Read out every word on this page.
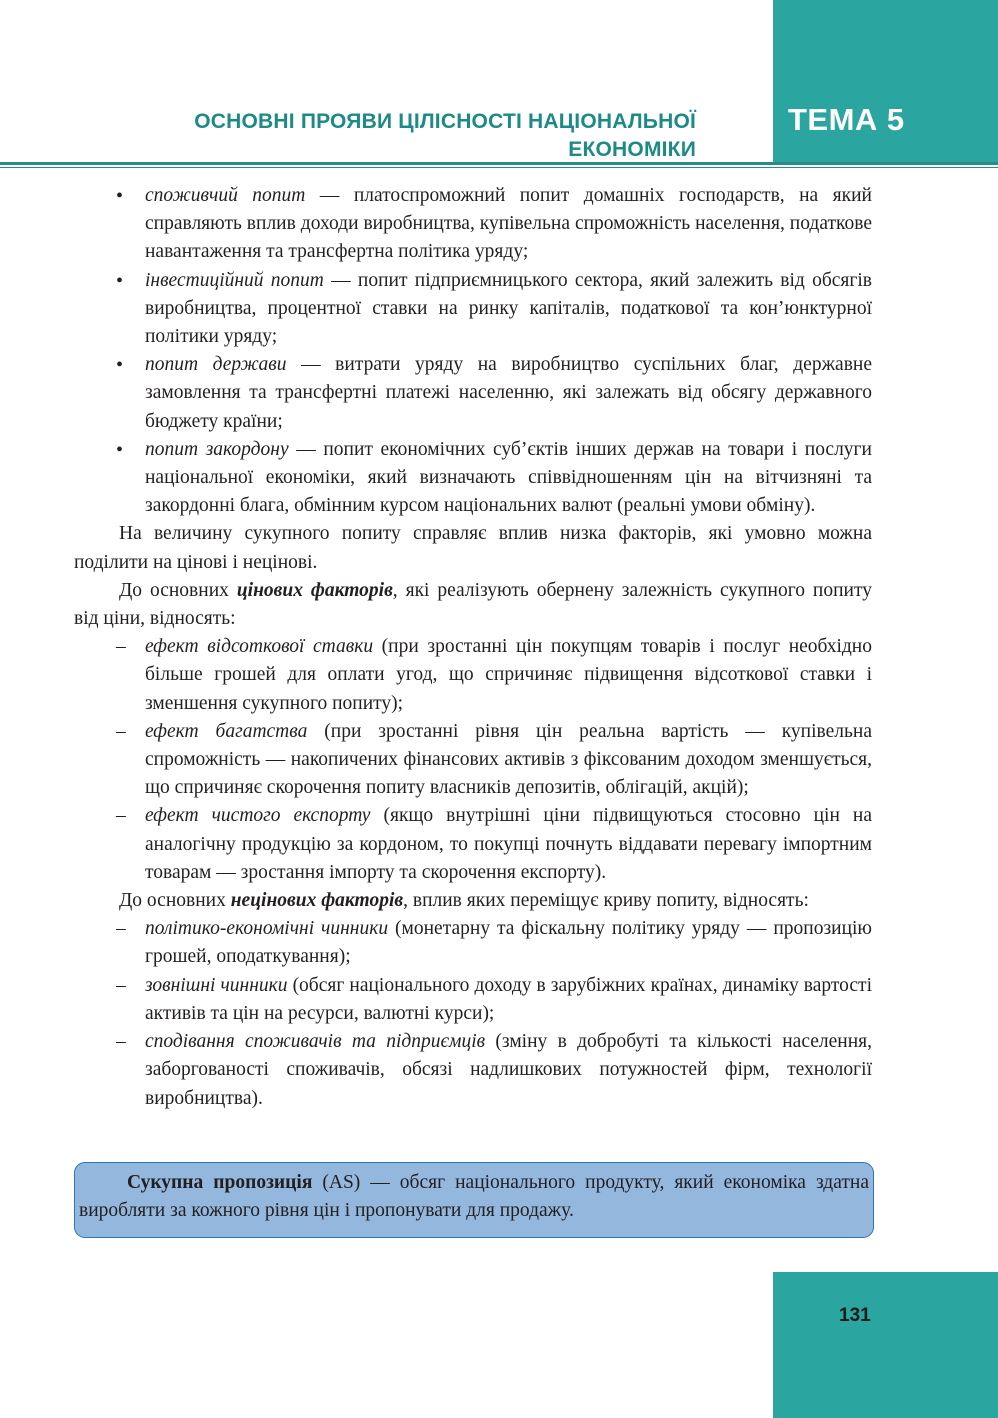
ТЕМА 5
ОСНОВНІ ПРОЯВИ ЦІЛІСНОСТІ НАЦІОНАЛЬНОЇ
ЕКОНОМІКИ
• споживчий попит — платоспроможний попит домашніх господарств, на який справляють вплив доходи виробництва, купівельна спроможність населення, податкове навантаження та трансфертна політика уряду;
• інвестиційний попит — попит підприємницького сектора, який залежить від обсягів виробництва, процентної ставки на ринку капіталів, податкової та кон’юнктурної політики уряду;
• попит держави — витрати уряду на виробництво суспільних благ, державне замовлення та трансфертні платежі населенню, які залежать від обсягу державного бюджету країни;
• попит закордону — попит економічних суб’єктів інших держав на товари і послуги національної економіки, який визначають співвідношенням цін на вітчизняні та закордонні блага, обмінним курсом національних валют (реальні умови обміну).

На величину сукупного попиту справляє вплив низка факторів, які умовно можна поділити на цінові і нецінові.

До основних цінових факторів, які реалізують обернену залежність сукупного попиту від ціни, відносять:

– ефект відсоткової ставки (при зростанні цін покупцям товарів і послуг необхідно більше грошей для оплати угод, що спричиняє підвищення відсоткової ставки і зменшення сукупного попиту);
– ефект багатства (при зростанні рівня цін реальна вартість — купівельна спроможність — накопичених фінансових активів з фіксованим доходом зменшується, що спричиняє скорочення попиту власників депозитів, облігацій, акцій);
– ефект чистого експорту (якщо внутрішні ціни підвищуються стосовно цін на аналогічну продукцію за кордоном, то покупці почнуть віддавати перевагу імпортним товарам — зростання імпорту та скорочення експорту).

До основних нецінових факторів, вплив яких переміщує криву попиту, відносять:

– політико-економічні чинники (монетарну та фіскальну політику уряду — пропозицію грошей, оподаткування);
– зовнішні чинники (обсяг національного доходу в зарубіжних країнах, динаміку вартості активів та цін на ресурси, валютні курси);
– сподівання споживачів та підприємців (зміну в добробуті та кількості населення, заборгованості споживачів, обсязі надлишкових потужностей фірм, технології виробництва).

Сукупна пропозиція (AS) — обсяг національного продукту, який економіка здатна виробляти за кожного рівня цін і пропонувати для продажу.

131
